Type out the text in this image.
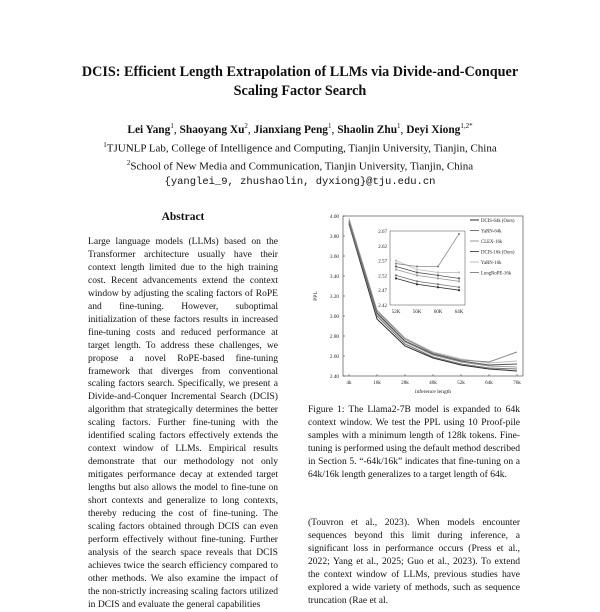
DCIS: Efficient Length Extrapolation of LLMs via Divide-and-Conquer
Scaling Factor Search
Lei Yang$^1$, Shaoyang Xu$^2$, Jianxiang Peng$^1$, Shaolin Zhu$^1$, Deyi Xiong$^{1,2*}$
$^1$TJUNLP Lab, College of Intelligence and Computing, Tianjin University, Tianjin, China
$^2$School of New Media and Communication, Tianjin University, Tianjin, China
{yanglei_9, zhushaolin, dyxiong}@tju.edu.cn
Abstract

Large language models (LLMs) based on the Transformer architecture usually have their context length limited due to the high training cost. Recent advancements extend the context window by adjusting the scaling factors of RoPE and fine-tuning. However, suboptimal initialization of these factors results in increased fine-tuning costs and reduced performance at target length. To address these challenges, we propose a novel RoPE-based fine-tuning framework that diverges from conventional scaling factors search. Specifically, we present a Divide-and-Conquer Incremental Search (DCIS) algorithm that strategically determines the better scaling factors. Further fine-tuning with the identified scaling factors effectively extends the context window of LLMs. Empirical results demonstrate that our methodology not only mitigates performance decay at extended target lengths but also allows the model to fine-tune on short contexts and generalize to long contexts, thereby reducing the cost of fine-tuning. The scaling factors obtained through DCIS can even perform effectively without fine-tuning. Further analysis of the search space reveals that DCIS achieves twice the search efficiency compared to other methods. We also examine the impact of the non-strictly increasing scaling factors utilized in DCIS and evaluate the general capabilities

4.00
3.80
3.60
3.40
3.20
3.00
2.80
2.60
2.40
4k	16k	28k	40k	52k	64k	76k
inference length
PPL
2.67
2.62
2.57
2.52
2.47
2.42
52K 56K 60K 64K
DCIS-64k (Ours)
YaRN-64k
CLEX-16k
DCIS-16k (Ours)
YaRN-16k
LongRoPE-16k

Figure 1: The Llama2-7B model is expanded to 64k context window. We test the PPL using 10 Proof-pile samples with a minimum length of 128k tokens. Fine-tuning is performed using the default method described in Section 5. “-64k/16k” indicates that fine-tuning on a 64k/16k length generalizes to a target length of 64k.

(Touvron et al., 2023). When models encounter sequences beyond this limit during inference, a significant loss in performance occurs (Press et al., 2022; Yang et al., 2025; Guo et al., 2023). To extend the context window of LLMs, previous studies have explored a wide variety of methods, such as sequence truncation (Rae et al.
